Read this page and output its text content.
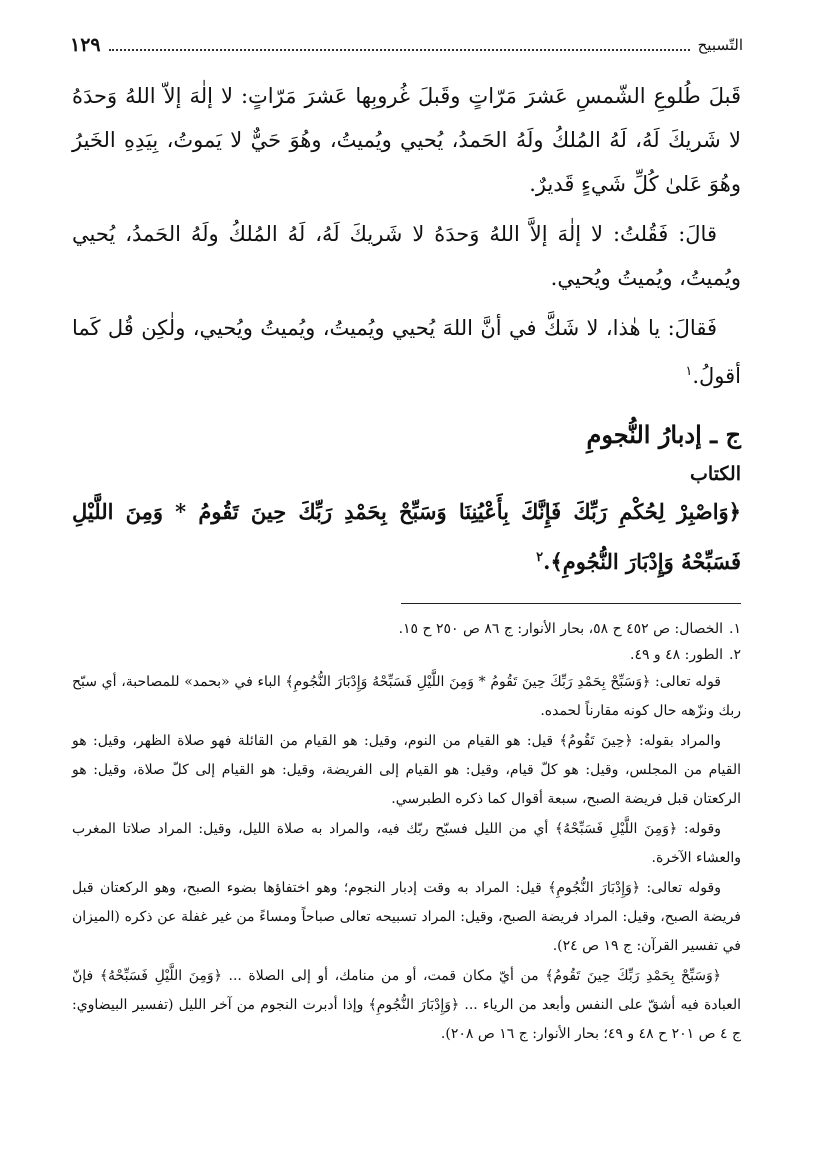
التّسبيح
١٢٩

قَبلَ طُلوعِ الشّمسِ عَشرَ مَرّاتٍ وقَبلَ غُروبِها عَشرَ مَرّاتٍ: لا إلٰهَ إلاّ اللهُ وَحدَهُ لا شَريكَ لَهُ، لَهُ المُلكُ ولَهُ الحَمدُ، يُحيي ويُميتُ، وهُوَ حَيٌّ لا يَموتُ، بِيَدِهِ الخَيرُ وهُوَ عَلىٰ كُلِّ شَيءٍ قَديرٌ.

قالَ: فَقُلتُ: لا إلٰهَ إلاَّ اللهُ وَحدَهُ لا شَريكَ لَهُ، لَهُ المُلكُ ولَهُ الحَمدُ، يُحيي ويُميتُ، ويُميتُ ويُحيي.

فَقالَ: يا هٰذا، لا شَكَّ في أنَّ اللهَ يُحيي ويُميتُ، ويُميتُ ويُحيي، ولٰكِن قُل كَما أقولُ.$^١$

ج ـ إدبارُ النُّجومِ
الكتاب
﴿وَاصْبِرْ لِحُكْمِ رَبِّكَ فَإِنَّكَ بِأَعْيُنِنَا وَسَبِّحْ بِحَمْدِ رَبِّكَ حِينَ تَقُومُ * وَمِنَ اللَّيْلِ فَسَبِّحْهُ وَإِدْبَارَ النُّجُومِ﴾.$^٢$

١.الخصال: ص ٤٥٢ ح ٥٨، بحار الأنوار: ج ٨٦ ص ٢٥٠ ح ١٥.

٢.الطور: ٤٨ و ٤٩.

قوله تعالى: ﴿وَسَبِّحْ بِحَمْدِ رَبِّكَ حِينَ تَقُومُ * وَمِنَ اللَّيْلِ فَسَبِّحْهُ وَإِدْبَارَ النُّجُومِ﴾ الباء في «بحمد» للمصاحبة، أي سبّح ربك ونزّهه حال كونه مقارناً لحمده.

والمراد بقوله: ﴿حِينَ تَقُومُ﴾ قيل: هو القيام من النوم، وقيل: هو القيام من القائلة فهو صلاة الظهر، وقيل: هو القيام من المجلس، وقيل: هو كلّ قيام، وقيل: هو القيام إلى الفريضة، وقيل: هو القيام إلى كلّ صلاة، وقيل: هو الركعتان قبل فريضة الصبح، سبعة أقوال كما ذكره الطبرسي.

وقوله: ﴿وَمِنَ اللَّيْلِ فَسَبِّحْهُ﴾ أي من الليل فسبّح ربّك فيه، والمراد به صلاة الليل، وقيل: المراد صلاتا المغرب والعشاء الآخرة.

وقوله تعالى: ﴿وَإِدْبَارَ النُّجُومِ﴾ قيل: المراد به وقت إدبار النجوم؛ وهو اختفاؤها بضوء الصبح، وهو الركعتان قبل فريضة الصبح، وقيل: المراد فريضة الصبح، وقيل: المراد تسبيحه تعالى صباحاً ومساءً من غير غفلة عن ذكره (الميزان في تفسير القرآن: ج ١٩ ص ٢٤).

﴿وَسَبِّحْ بِحَمْدِ رَبِّكَ حِينَ تَقُومُ﴾ من أيّ مكان قمت، أو من منامك، أو إلى الصلاة ... ﴿وَمِنَ اللَّيْلِ فَسَبِّحْهُ﴾ فإنّ العبادة فيه أشقّ على النفس وأبعد من الرياء ... ﴿وَإِدْبَارَ النُّجُومِ﴾ وإذا أدبرت النجوم من آخر الليل (تفسير البيضاوي: ج ٤ ص ٢٠١ ح ٤٨ و ٤٩؛ بحار الأنوار: ج ١٦ ص ٢٠٨).
